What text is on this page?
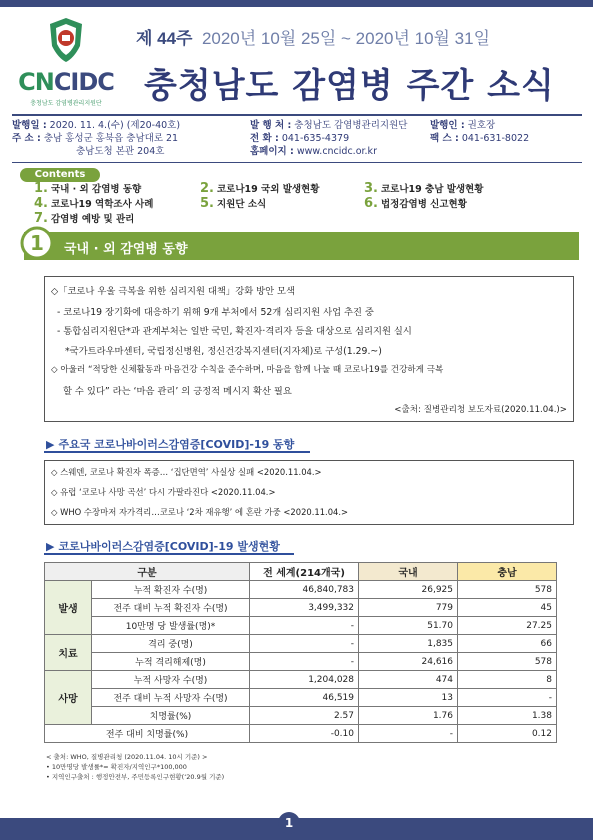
CNCIDC
충청남도 감염병관리지원단
제 44주 2020년 10월 25일 ~ 2020년 10월 31일
충청남도 감염병 주간 소식
발행일 : 2020. 11. 4.(수) (제20-40호)
주 소 : 충남 홍성군 홍북읍 충남대로 21
충남도청 본관 204호
발 행 처 : 충청남도 감염병관리지원단
전 화 : 041-635-4379
홈페이지 : www.cncidc.or.kr
발행인 : 권호장
팩 스 : 041-631-8022
Contents
1. 국내 · 외 감염병 동향	2. 코로나19 국외 발생현황	3. 코로나19 충남 발생현황
4. 코로나19 역학조사 사례	5. 지원단 소식	6. 법정감염병 신고현황
7. 감염병 예방 및 관리
1 국내 · 외 감염병 동향
◇「코로나 우울 극복을 위한 심리지원 대책」강화 방안 모색
- 코로나19 장기화에 대응하기 위해 9개 부처에서 52개 심리지원 사업 추진 중
- 통합심리지원단*과 관계부처는 일반 국민, 확진자·격리자 등을 대상으로 심리지원 실시
*국가트라우마센터, 국립정신병원, 정신건강복지센터(지자체)로 구성(1.29.~)
◇ 아울러 “적당한 신체활동과 마음건강 수칙을 준수하며, 마음을 함께 나눌 때 코로나19를 건강하게 극복
할 수 있다” 라는 ‘마음 관리’ 의 긍정적 메시지 확산 필요
<출처: 질병관리청 보도자료(2020.11.04.)>
▶ 주요국 코로나바이러스감염증[COVID]-19 동향
◇ 스웨덴, 코로나 확진자 폭증… ‘집단면역’ 사실상 실패 <2020.11.04.>
◇ 유럽 ‘코로나 사망 곡선’ 다시 가팔라진다 <2020.11.04.>
◇ WHO 수장마저 자가격리…코로나 ‘2차 재유행’ 에 혼란 가중 <2020.11.04.>
▶ 코로나바이러스감염증[COVID]-19 발생현황
구분		전 세계(214개국)	국내	충남
발생	누적 확진자 수(명)	46,840,783	26,925	578
	전주 대비 누적 확진자 수(명)	3,499,332	779	45
	10만명 당 발생률(명)*	-	51.70	27.25
치료	격리 중(명)	-	1,835	66
	누적 격리해제(명)	-	24,616	578
사망	누적 사망자 수(명)	1,204,028	474	8
	전주 대비 누적 사망자 수(명)	46,519	13	-
	치명률(%)	2.57	1.76	1.38
전주 대비 치명률(%)		-0.10	-	0.12
< 출처: WHO, 질병관리청 (2020.11.04. 10시 기준) >
• 10만명당 발생률*= 확진자/지역인구*100,000
• 지역인구출처 : 행정안전부, 주민등록인구현황(‘20.9월 기준)
1
